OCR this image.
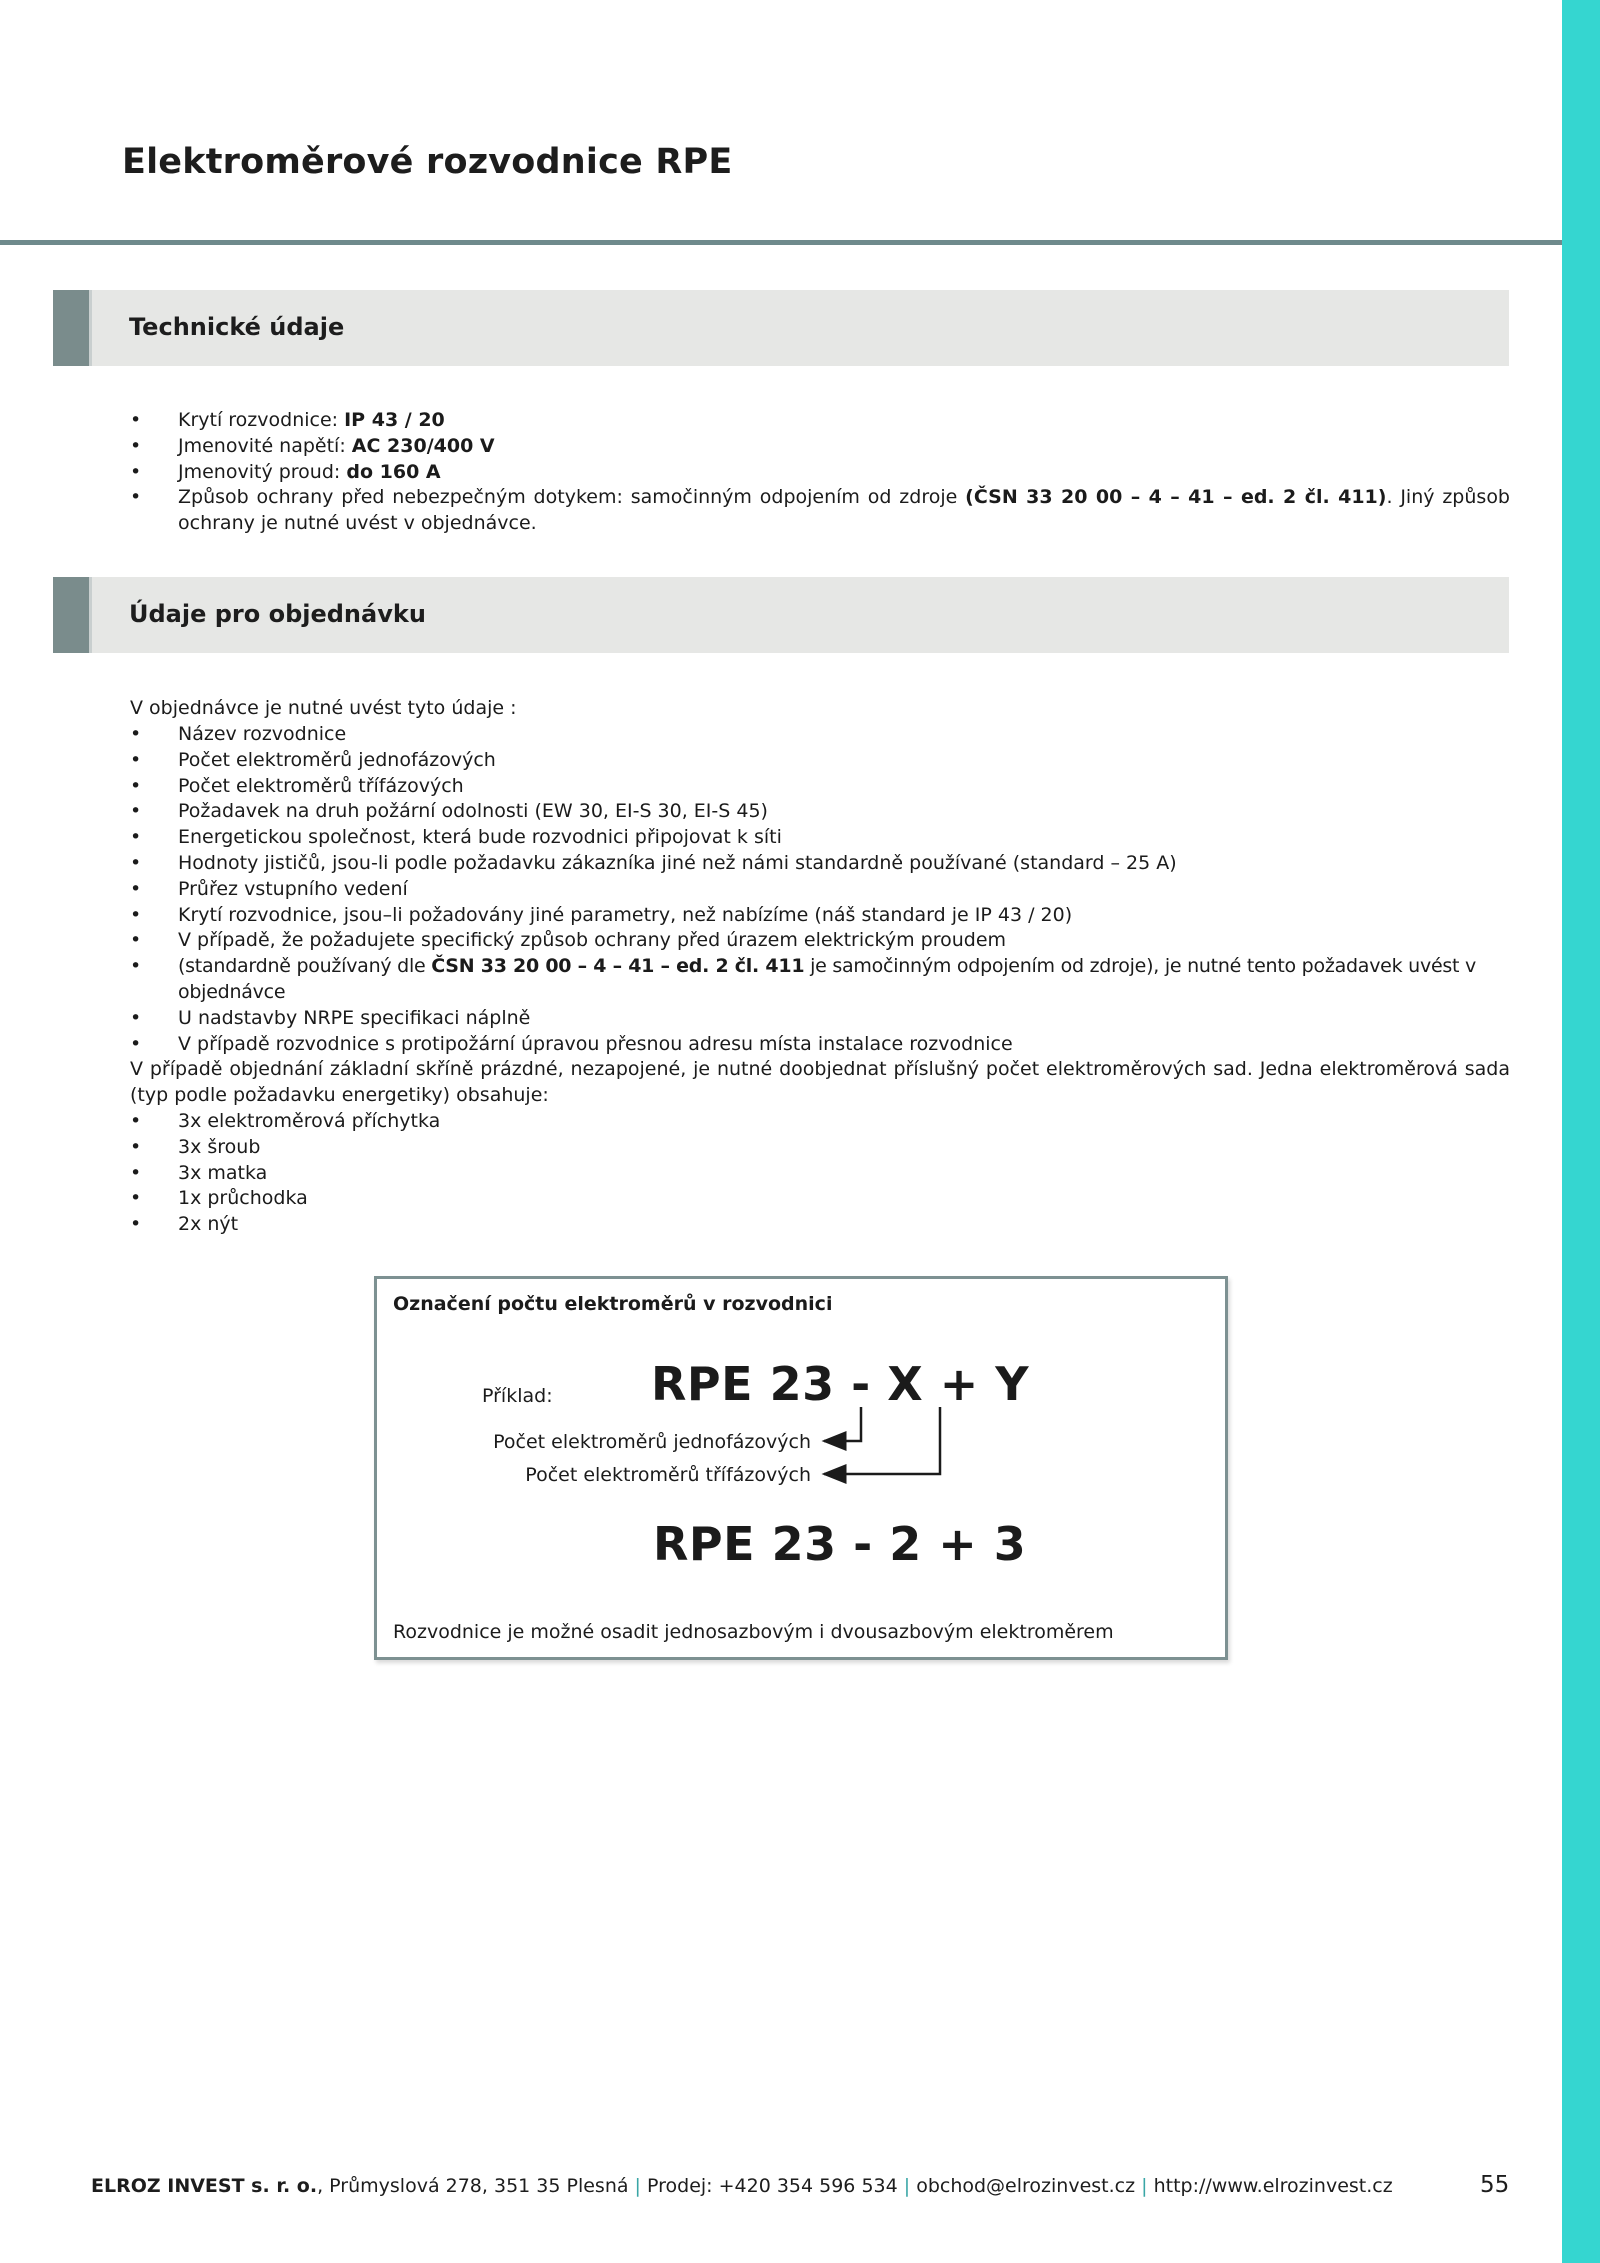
Elektroměrové rozvodnice RPE
Technické údaje
• Krytí rozvodnice: IP 43 / 20
• Jmenovité napětí: AC 230/400 V
• Jmenovitý proud: do 160 A
• Způsob ochrany před nebezpečným dotykem: samočinným odpojením od zdroje (ČSN 33 20 00 – 4 – 41 – ed. 2 čl. 411). Jiný způsob ochrany je nutné uvést v objednávce.
Údaje pro objednávku

V objednávce je nutné uvést tyto údaje :

• Název rozvodnice
• Počet elektroměrů jednofázových
• Počet elektroměrů třífázových
• Požadavek na druh požární odolnosti (EW 30, EI-S 30, EI-S 45)
• Energetickou společnost, která bude rozvodnici připojovat k síti
• Hodnoty jističů, jsou-li podle požadavku zákazníka jiné než námi standardně používané (standard – 25 A)
• Průřez vstupního vedení
• Krytí rozvodnice, jsou–li požadovány jiné parametry, než nabízíme (náš standard je IP 43 / 20)
• V případě, že požadujete specifický způsob ochrany před úrazem elektrickým proudem
• (standardně používaný dle ČSN 33 20 00 – 4 – 41 – ed. 2 čl. 411 je samočinným odpojením od zdroje), je nutné tento požadavek uvést v objednávce
• U nadstavby NRPE specifikaci náplně
• V případě rozvodnice s protipožární úpravou přesnou adresu místa instalace rozvodnice

V případě objednání základní skříně prázdné, nezapojené, je nutné doobjednat příslušný počet elektroměrových sad. Jedna elektroměrová sada (typ podle požadavku energetiky) obsahuje:

• 3x elektroměrová příchytka
• 3x šroub
• 3x matka
• 1x průchodka
• 2x nýt
Označení počtu elektroměrů v rozvodnici
Příklad: RPE 23 - X + Y
Počet elektroměrů jednofázových
Počet elektroměrů třífázových
RPE 23 - 2 + 3
Rozvodnice je možné osadit jednosazbovým i dvousazbovým elektroměrem
ELROZ INVEST s. r. o., Průmyslová 278, 351 35 Plesná | Prodej: +420 354 596 534 | obchod@elrozinvest.cz | http://www.elrozinvest.cz	55
